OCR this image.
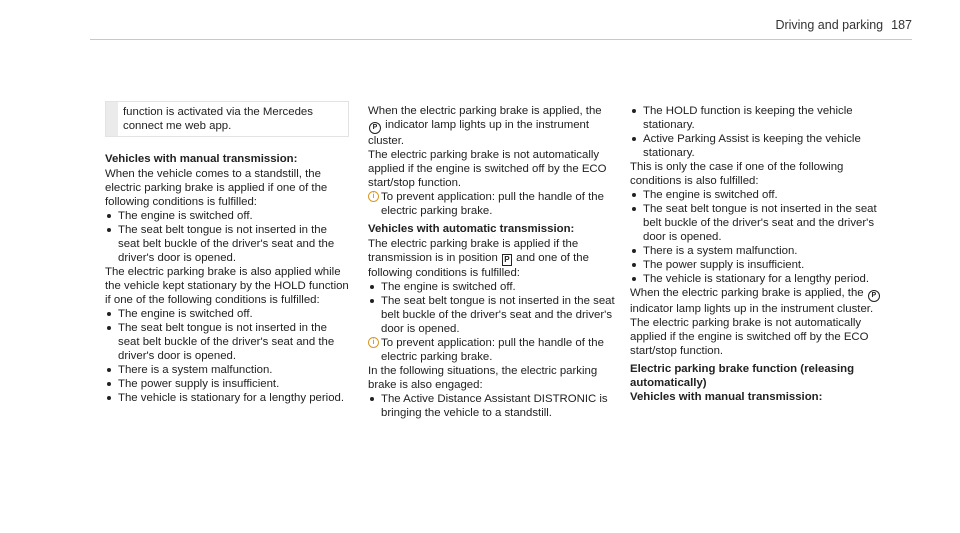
Driving and parking 187
function is activated via the Mercedes connect me web app.

Vehicles with manual transmission:

When the vehicle comes to a standstill, the electric parking brake is applied if one of the following conditions is fulfilled:

The engine is switched off.
The seat belt tongue is not inserted in the seat belt buckle of the driver's seat and the driver's door is opened.

The electric parking brake is also applied while the vehicle kept stationary by the HOLD function if one of the following conditions is fulfilled:

The engine is switched off.
The seat belt tongue is not inserted in the seat belt buckle of the driver's seat and the driver's door is opened.
There is a system malfunction.
The power supply is insufficient.
The vehicle is stationary for a lengthy period.

When the electric parking brake is applied, the P indicator lamp lights up in the instrument cluster.

The electric parking brake is not automatically applied if the engine is switched off by the ECO start/stop function.

i To prevent application: pull the handle of the electric parking brake.

Vehicles with automatic transmission:

The electric parking brake is applied if the transmission is in position P and one of the following conditions is fulfilled:

The engine is switched off.
The seat belt tongue is not inserted in the seat belt buckle of the driver's seat and the driver's door is opened.

i To prevent application: pull the handle of the electric parking brake.

In the following situations, the electric parking brake is also engaged:

The Active Distance Assistant DISTRONIC is bringing the vehicle to a standstill.
The HOLD function is keeping the vehicle stationary.
Active Parking Assist is keeping the vehicle stationary.

This is only the case if one of the following conditions is also fulfilled:

The engine is switched off.
The seat belt tongue is not inserted in the seat belt buckle of the driver's seat and the driver's door is opened.
There is a system malfunction.
The power supply is insufficient.
The vehicle is stationary for a lengthy period.

When the electric parking brake is applied, the P indicator lamp lights up in the instrument cluster.

The electric parking brake is not automatically applied if the engine is switched off by the ECO start/stop function.

Electric parking brake function (releasing automatically)

Vehicles with manual transmission:
